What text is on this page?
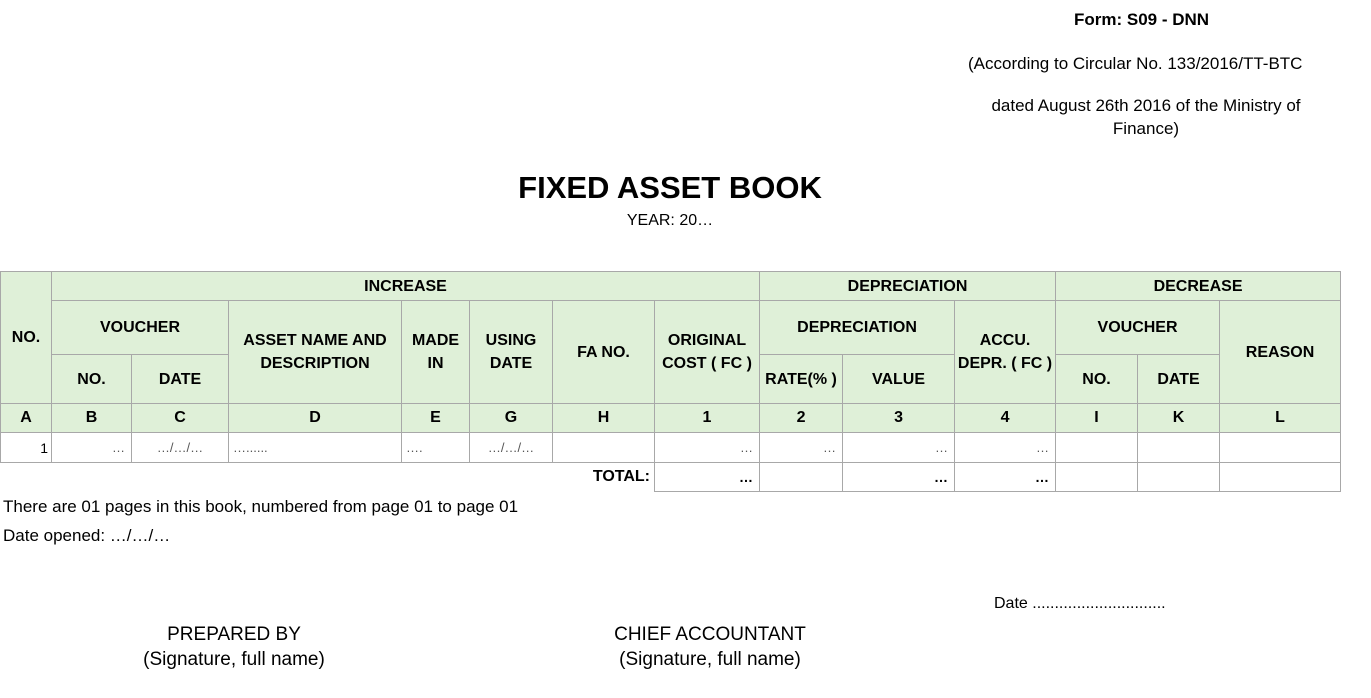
Form: S09 - DNN
(According to Circular No. 133/2016/TT-BTC
dated August 26th 2016 of the Ministry of Finance)
FIXED ASSET BOOK
YEAR: 20…
NO.	INCREASE							DEPRECIATION			DECREASE		
	VOUCHER		ASSET NAME AND DESCRIPTION	MADE IN	USING DATE	FA NO.	ORIGINAL COST ( FC )	DEPRECIATION		ACCU. DEPR. ( FC )	VOUCHER		REASON
	NO.	DATE						RATE(% )	VALUE		NO.	DATE	
A	B	C	D	E	G	H	1	2	3	4	I	K	L
1	…	…/…/…	…......	….	…/…/…		…	…	…	…			
TOTAL:							…		…	…			
There are 01 pages in this book, numbered from page 01 to page 01
Date opened: …/…/…
Date ..............................
PREPARED BY
(Signature, full name)
CHIEF ACCOUNTANT
(Signature, full name)
